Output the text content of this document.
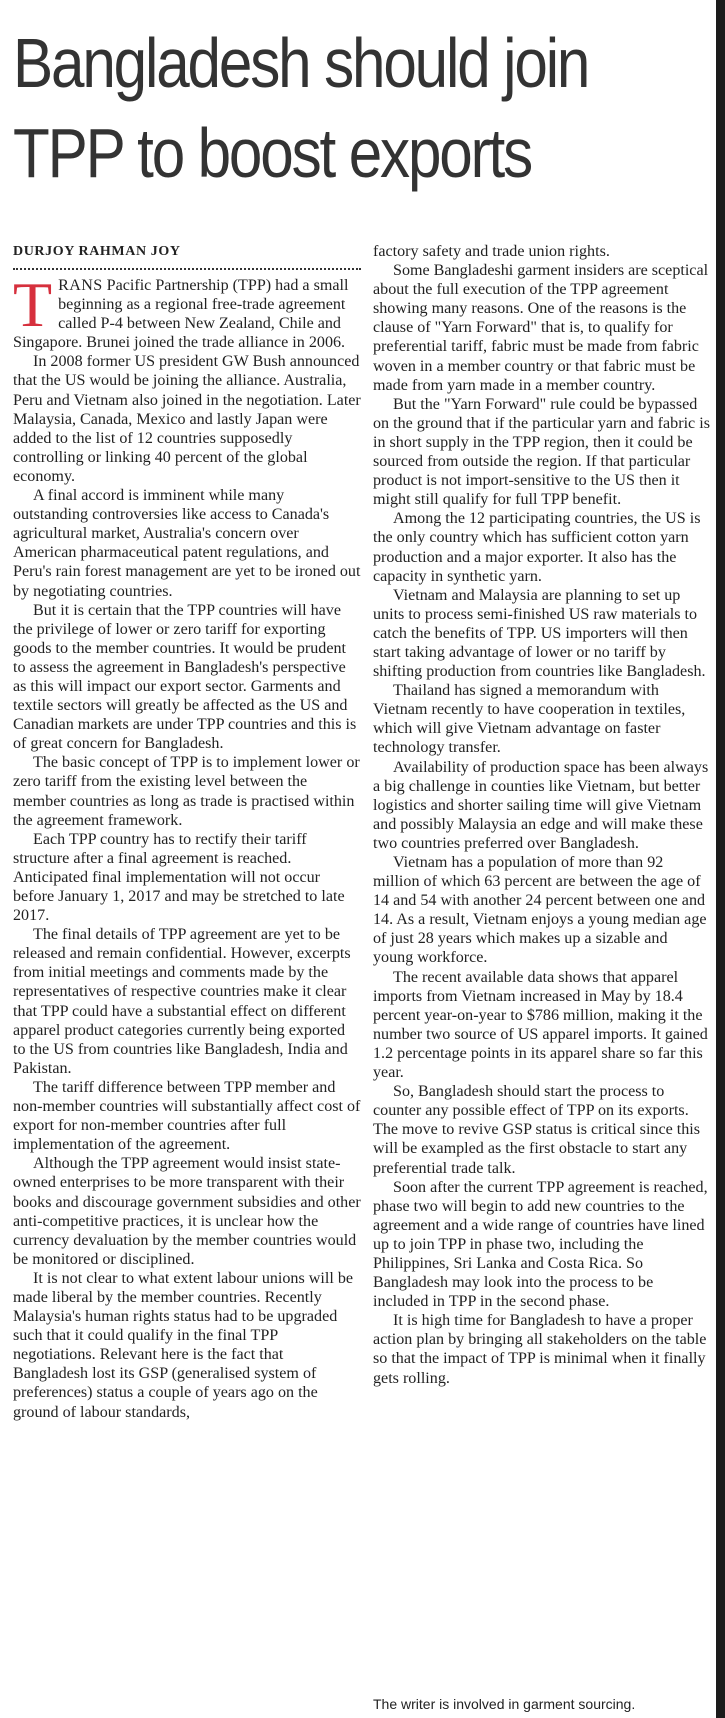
Bangladesh should join
TPP to boost exports
DURJOY RAHMAN JOY

TRANS Pacific Partnership (TPP) had a small beginning as a regional free-trade agreement called P-4 between New Zealand, Chile and Singapore. Brunei joined the trade alliance in 2006.

In 2008 former US president GW Bush announced that the US would be joining the alliance. Australia, Peru and Vietnam also joined in the negotiation. Later Malaysia, Canada, Mexico and lastly Japan were added to the list of 12 countries supposedly controlling or linking 40 percent of the global economy.

A final accord is imminent while many outstanding controversies like access to Canada's agricultural market, Australia's concern over American pharmaceutical patent regulations, and Peru's rain forest management are yet to be ironed out by negotiating countries.

But it is certain that the TPP countries will have the privilege of lower or zero tariff for exporting goods to the member countries. It would be prudent to assess the agreement in Bangladesh's perspective as this will impact our export sector. Garments and textile sectors will greatly be affected as the US and Canadian markets are under TPP countries and this is of great concern for Bangladesh.

The basic concept of TPP is to implement lower or zero tariff from the existing level between the member countries as long as trade is practised within the agreement framework.

Each TPP country has to rectify their tariff structure after a final agreement is reached. Anticipated final implementation will not occur before January 1, 2017 and may be stretched to late 2017.

The final details of TPP agreement are yet to be released and remain confidential. However, excerpts from initial meetings and comments made by the representatives of respective countries make it clear that TPP could have a substantial effect on different apparel product categories currently being exported to the US from countries like Bangladesh, India and Pakistan.

The tariff difference between TPP member and non-member countries will substantially affect cost of export for non-member countries after full implementation of the agreement.

Although the TPP agreement would insist state-owned enterprises to be more transparent with their books and discourage government subsidies and other anti-competitive practices, it is unclear how the currency devaluation by the member countries would be monitored or disciplined.

It is not clear to what extent labour unions will be made liberal by the member countries. Recently Malaysia's human rights status had to be upgraded such that it could qualify in the final TPP negotiations. Relevant here is the fact that Bangladesh lost its GSP (generalised system of preferences) status a couple of years ago on the ground of labour standards,

factory safety and trade union rights.

Some Bangladeshi garment insiders are sceptical about the full execution of the TPP agreement showing many reasons. One of the reasons is the clause of "Yarn Forward" that is, to qualify for preferential tariff, fabric must be made from fabric woven in a member country or that fabric must be made from yarn made in a member country.

But the "Yarn Forward" rule could be bypassed on the ground that if the particular yarn and fabric is in short supply in the TPP region, then it could be sourced from outside the region. If that particular product is not import-sensitive to the US then it might still qualify for full TPP benefit.

Among the 12 participating countries, the US is the only country which has sufficient cotton yarn production and a major exporter. It also has the capacity in synthetic yarn.

Vietnam and Malaysia are planning to set up units to process semi-finished US raw materials to catch the benefits of TPP. US importers will then start taking advantage of lower or no tariff by shifting production from countries like Bangladesh.

Thailand has signed a memorandum with Vietnam recently to have cooperation in textiles, which will give Vietnam advantage on faster technology transfer.

Availability of production space has been always a big challenge in counties like Vietnam, but better logistics and shorter sailing time will give Vietnam and possibly Malaysia an edge and will make these two countries preferred over Bangladesh.

Vietnam has a population of more than 92 million of which 63 percent are between the age of 14 and 54 with another 24 percent between one and 14. As a result, Vietnam enjoys a young median age of just 28 years which makes up a sizable and young workforce.

The recent available data shows that apparel imports from Vietnam increased in May by 18.4 percent year-on-year to $786 million, making it the number two source of US apparel imports. It gained 1.2 percentage points in its apparel share so far this year.

So, Bangladesh should start the process to counter any possible effect of TPP on its exports. The move to revive GSP status is critical since this will be exampled as the first obstacle to start any preferential trade talk.

Soon after the current TPP agreement is reached, phase two will begin to add new countries to the agreement and a wide range of countries have lined up to join TPP in phase two, including the Philippines, Sri Lanka and Costa Rica. So Bangladesh may look into the process to be included in TPP in the second phase.

It is high time for Bangladesh to have a proper action plan by bringing all stakeholders on the table so that the impact of TPP is minimal when it finally gets rolling.

The writer is involved in garment sourcing.
